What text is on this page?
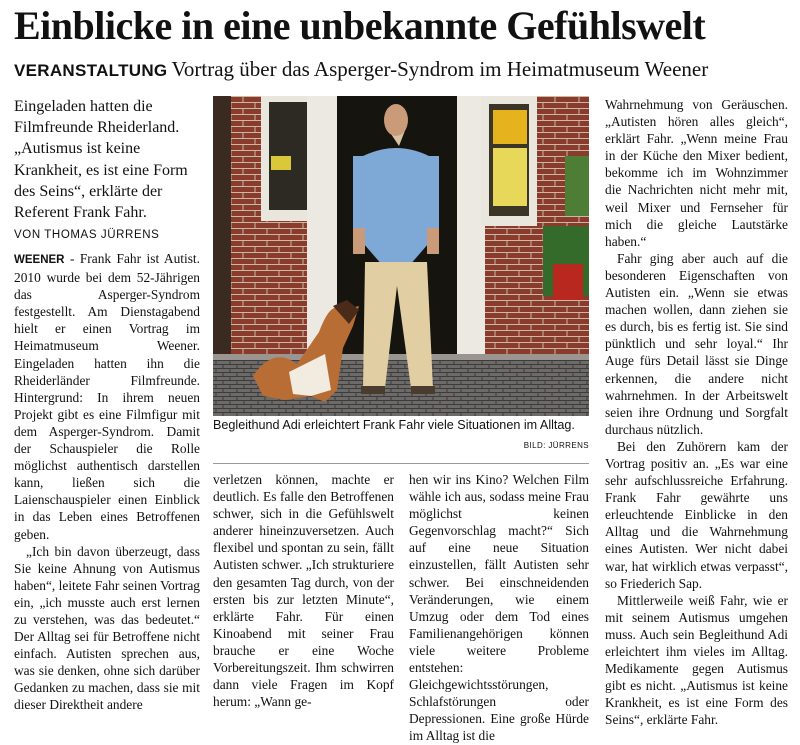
Einblicke in eine unbekannte Gefühlswelt
VERANSTALTUNG Vortrag über das Asperger-Syndrom im Heimatmuseum Weener
Eingeladen hatten die Filmfreunde Rheiderland. „Autismus ist keine Krankheit, es ist eine Form des Seins“, erklärte der Referent Frank Fahr.
VON THOMAS JÜRRENS

WEENER - Frank Fahr ist Autist. 2010 wurde bei dem 52-Jährigen das Asperger-Syndrom festgestellt. Am Dienstagabend hielt er einen Vortrag im Heimatmuseum Weener. Eingeladen hatten ihn die Rheiderländer Filmfreunde. Hintergrund: In ihrem neuen Projekt gibt es eine Filmfigur mit dem Asperger-Syndrom. Damit der Schauspieler die Rolle möglichst authentisch darstellen kann, ließen sich die Laienschauspieler einen Einblick in das Leben eines Betroffenen geben.

„Ich bin davon überzeugt, dass Sie keine Ahnung von Autismus haben“, leitete Fahr seinen Vortrag ein, „ich musste auch erst lernen zu verstehen, was das bedeutet.“ Der Alltag sei für Betroffene nicht einfach. Autisten sprechen aus, was sie denken, ohne sich darüber Gedanken zu machen, dass sie mit dieser Direktheit andere

Begleithund Adi erleichtert Frank Fahr viele Situationen im Alltag.
BILD: JÜRRENS

verletzen können, machte er deutlich. Es falle den Betroffenen schwer, sich in die Gefühlswelt anderer hineinzuversetzen. Auch flexibel und spontan zu sein, fällt Autisten schwer. „Ich strukturiere den gesamten Tag durch, von der ersten bis zur letzten Minute“, erklärte Fahr. Für einen Kinoabend mit seiner Frau brauche er eine Woche Vorbereitungszeit. Ihm schwirren dann viele Fragen im Kopf herum: „Wann ge-

hen wir ins Kino? Welchen Film wähle ich aus, sodass meine Frau möglichst keinen Gegenvorschlag macht?“ Sich auf eine neue Situation einzustellen, fällt Autisten sehr schwer. Bei einschneidenden Veränderungen, wie einem Umzug oder dem Tod eines Familienangehörigen können viele weitere Probleme entstehen: Gleichgewichtsstörungen, Schlafstörungen oder Depressionen. Eine große Hürde im Alltag ist die

Wahrnehmung von Geräuschen. „Autisten hören alles gleich“, erklärt Fahr. „Wenn meine Frau in der Küche den Mixer bedient, bekomme ich im Wohnzimmer die Nachrichten nicht mehr mit, weil Mixer und Fernseher für mich die gleiche Lautstärke haben.“

Fahr ging aber auch auf die besonderen Eigenschaften von Autisten ein. „Wenn sie etwas machen wollen, dann ziehen sie es durch, bis es fertig ist. Sie sind pünktlich und sehr loyal.“ Ihr Auge fürs Detail lässt sie Dinge erkennen, die andere nicht wahrnehmen. In der Arbeitswelt seien ihre Ordnung und Sorgfalt durchaus nützlich.

Bei den Zuhörern kam der Vortrag positiv an. „Es war eine sehr aufschlussreiche Erfahrung. Frank Fahr gewährte uns erleuchtende Einblicke in den Alltag und die Wahrnehmung eines Autisten. Wer nicht dabei war, hat wirklich etwas verpasst“, so Friederich Sap.

Mittlerweile weiß Fahr, wie er mit seinem Autismus umgehen muss. Auch sein Begleithund Adi erleichtert ihm vieles im Alltag. Medikamente gegen Autismus gibt es nicht. „Autismus ist keine Krankheit, es ist eine Form des Seins“, erklärte Fahr.
